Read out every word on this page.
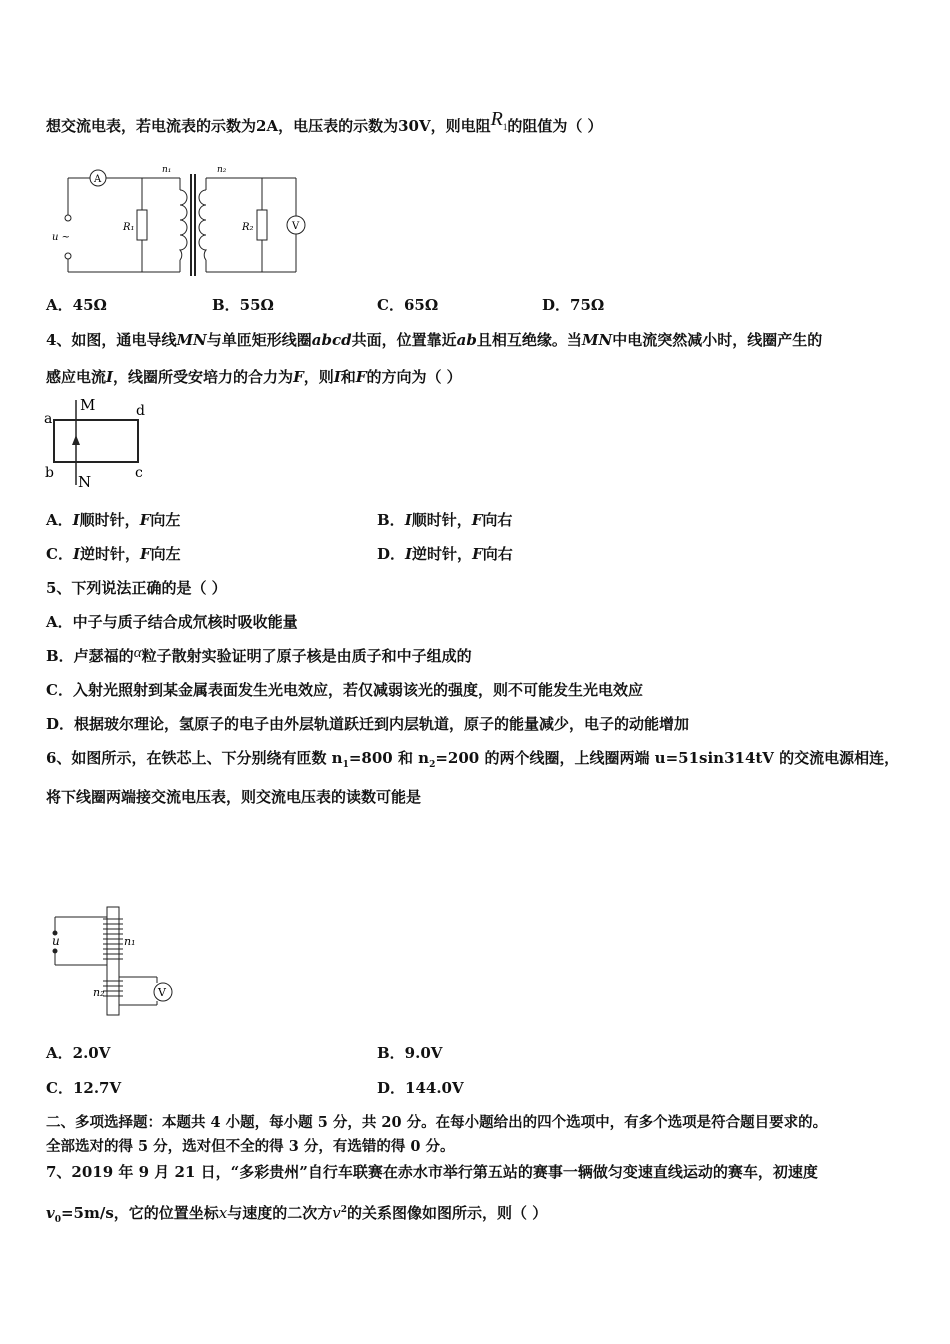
想交流电表，若电流表的示数为2A，电压表的示数为30V，则电阻$R_1$的阻值为（ ）
A
V
n₁	n₂
R₁	R₂
u ~
A．45Ω	B．55Ω	C．65Ω	D．75Ω
4、如图，通电导线MN与单匝矩形线圈abcd共面，位置靠近ab且相互绝缘。当MN中电流突然减小时，线圈产生的
感应电流I，线圈所受安培力的合力为F，则I和F的方向为（ ）
M
N
a
b	c
d
A．I顺时针，F向左	B．I顺时针，F向右
C．I逆时针，F向左	D．I逆时针，F向右
5、下列说法正确的是（ ）
A．中子与质子结合成氘核时吸收能量
B．卢瑟福的α粒子散射实验证明了原子核是由质子和中子组成的
C．入射光照射到某金属表面发生光电效应，若仅减弱该光的强度，则不可能发生光电效应
D．根据玻尔理论，氢原子的电子由外层轨道跃迁到内层轨道，原子的能量减少，电子的动能增加
6、如图所示，在铁芯上、下分别绕有匝数 $n_1=800$ 和 $n_2=200$ 的两个线圈，上线圈两端 u=51sin314tV 的交流电源相连，
将下线圈两端接交流电压表，则交流电压表的读数可能是
u	n₁
n₂	V
A．2.0V	B．9.0V
C．12.7V	D．144.0V
二、多项选择题：本题共 4 小题，每小题 5 分，共 20 分。在每小题给出的四个选项中，有多个选项是符合题目要求的。
全部选对的得 5 分，选对但不全的得 3 分，有选错的得 0 分。
7、2019 年 9 月 21 日，“多彩贵州”自行车联赛在赤水市举行第五站的赛事一辆做匀变速直线运动的赛车，初速度
$v_0=5m/s$，它的位置坐标x与速度的二次方$v^2$的关系图像如图所示，则（ ）
